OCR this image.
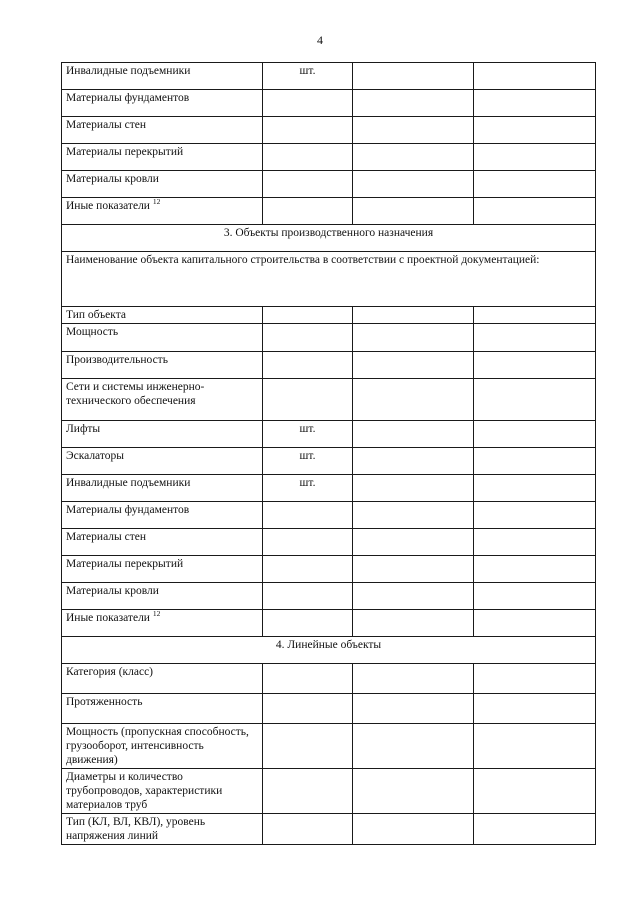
4
Инвалидные подъемники	шт.		
Материалы фундаментов			
Материалы стен			
Материалы перекрытий			
Материалы кровли			
Иные показатели $^{12}$			
3. Объекты производственного назначения			
Наименование объекта капитального строительства в соответствии с проектной документацией:			
Тип объекта			
Мощность			
Производительность			
Сети и системы инженерно-технического обеспечения			
Лифты	шт.		
Эскалаторы	шт.		
Инвалидные подъемники	шт.		
Материалы фундаментов			
Материалы стен			
Материалы перекрытий			
Материалы кровли			
Иные показатели $^{12}$			
4. Линейные объекты			
Категория (класс)			
Протяженность			
Мощность (пропускная способность, грузооборот, интенсивность движения)			
Диаметры и количество трубопроводов, характеристики материалов труб			
Тип (КЛ, ВЛ, КВЛ), уровень напряжения линий			
